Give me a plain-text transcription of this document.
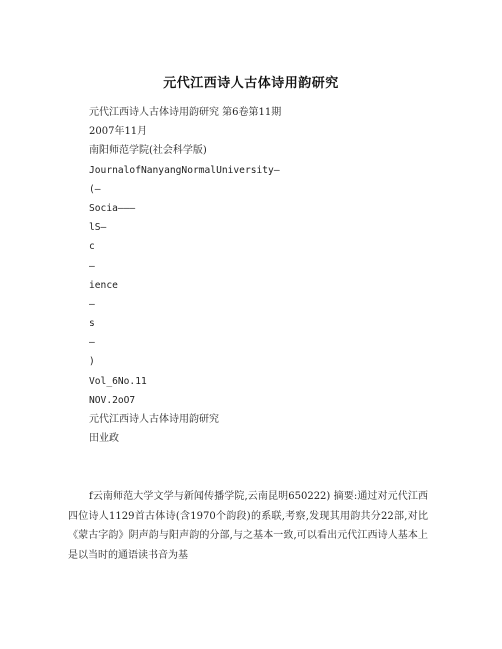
元代江西诗人古体诗用韵研究
元代江西诗人古体诗用韵研究 第6卷第11期
2007年11月
南阳师范学院(社会科学版)
JournalofNanyangNormalUniversity—
(—
Socia———
lS—
c
—
ience
—
s
—
)
Vol_6No.11
NOV.2oO7
元代江西诗人古体诗用韵研究
田业政

f云南师范大学文学与新闻传播学院,云南昆明650222) 摘要:通过对元代江西四位诗人1129首古体诗(含1970个韵段)的系联,考察,发现其用韵共分22部,对比《蒙古字韵》阴声韵与阳声韵的分部,与之基本一致,可以看出元代江西诗人基本上是以当时的通语读书音为基
